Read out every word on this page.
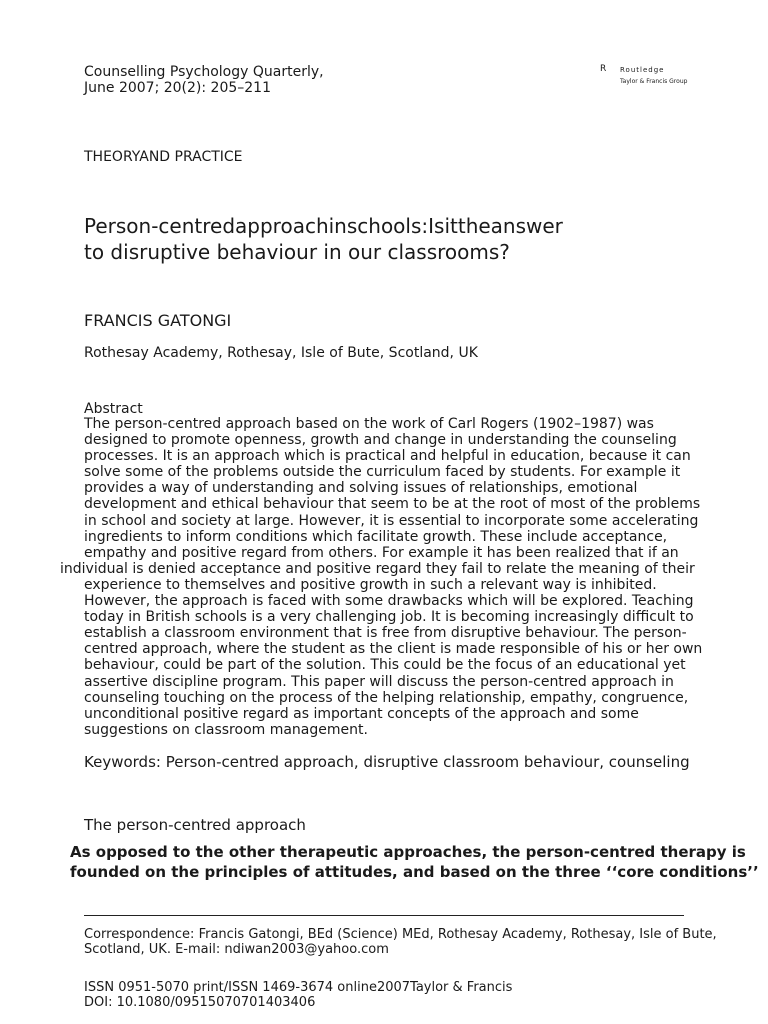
Counselling Psychology Quarterly,
June 2007; 20(2): 205–211
R Routledge
Taylor & Francis Group
THEORYAND PRACTICE
Person-centredapproachinschools:Isittheanswer
to disruptive behaviour in our classrooms?
FRANCIS GATONGI
Rothesay Academy, Rothesay, Isle of Bute, Scotland, UK
Abstract
The person-centred approach based on the work of Carl Rogers (1902–1987) was
designed to promote openness, growth and change in understanding the counseling
processes. It is an approach which is practical and helpful in education, because it can
solve some of the problems outside the curriculum faced by students. For example it
provides a way of understanding and solving issues of relationships, emotional
development and ethical behaviour that seem to be at the root of most of the problems
in school and society at large. However, it is essential to incorporate some accelerating
ingredients to inform conditions which facilitate growth. These include acceptance,
empathy and positive regard from others. For example it has been realized that if an
individual is denied acceptance and positive regard they fail to relate the meaning of their
experience to themselves and positive growth in such a relevant way is inhibited.
However, the approach is faced with some drawbacks which will be explored. Teaching
today in British schools is a very challenging job. It is becoming increasingly difficult to
establish a classroom environment that is free from disruptive behaviour. The person-
centred approach, where the student as the client is made responsible of his or her own
behaviour, could be part of the solution. This could be the focus of an educational yet
assertive discipline program. This paper will discuss the person-centred approach in
counseling touching on the process of the helping relationship, empathy, congruence,
unconditional positive regard as important concepts of the approach and some
suggestions on classroom management.
Keywords: Person-centred approach, disruptive classroom behaviour, counseling
The person-centred approach
As opposed to the other therapeutic approaches, the person-centred therapy is
founded on the principles of attitudes, and based on the three ‘‘core conditions’’
Correspondence: Francis Gatongi, BEd (Science) MEd, Rothesay Academy, Rothesay, Isle of Bute,
Scotland, UK. E-mail: ndiwan2003@yahoo.com
ISSN 0951-5070 print/ISSN 1469-3674 online2007Taylor & Francis
DOI: 10.1080/09515070701403406
